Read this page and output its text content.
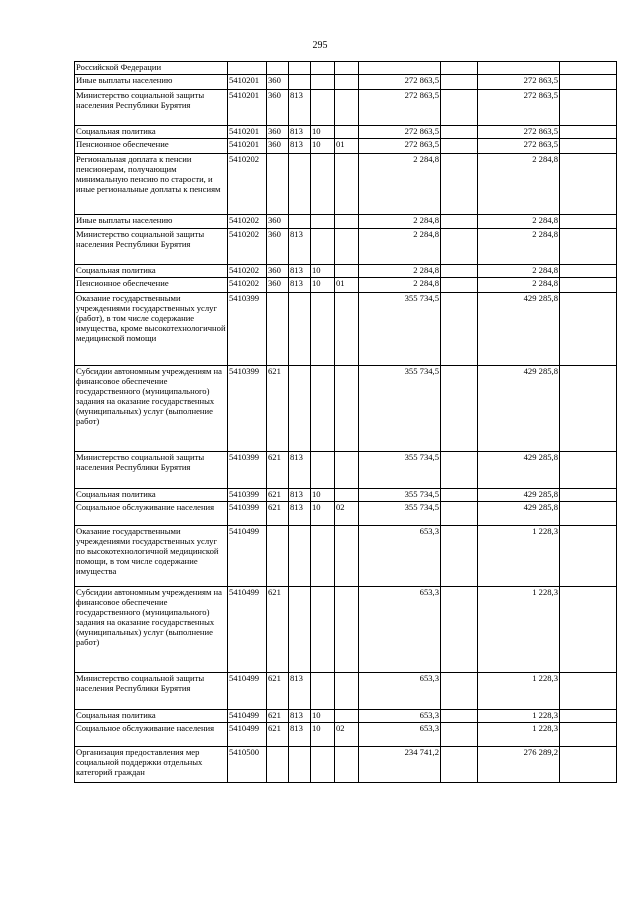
295
Российской Федерации									
Иные выплаты населению	5410201	360				272 863,5		272 863,5	
Министерство социальной защиты населения Республики Бурятия	5410201	360	813			272 863,5		272 863,5	
Социальная политика	5410201	360	813	10		272 863,5		272 863,5	
Пенсионное обеспечение	5410201	360	813	10	01	272 863,5		272 863,5	
Региональная доплата к пенсии пенсионерам, получающим минимальную пенсию по старости, и иные региональные доплаты к пенсиям	5410202					2 284,8		2 284,8	
Иные выплаты населению	5410202	360				2 284,8		2 284,8	
Министерство социальной защиты населения Республики Бурятия	5410202	360	813			2 284,8		2 284,8	
Социальная политика	5410202	360	813	10		2 284,8		2 284,8	
Пенсионное обеспечение	5410202	360	813	10	01	2 284,8		2 284,8	
Оказание государственными учреждениями государственных услуг (работ), в том числе содержание имущества, кроме высокотехнологичной медицинской помощи	5410399					355 734,5		429 285,8	
Субсидии автономным учреждениям на финансовое обеспечение государственного (муниципального) задания на оказание государственных (муниципальных) услуг (выполнение работ)	5410399	621				355 734,5		429 285,8	
Министерство социальной защиты населения Республики Бурятия	5410399	621	813			355 734,5		429 285,8	
Социальная политика	5410399	621	813	10		355 734,5		429 285,8	
Социальное обслуживание населения	5410399	621	813	10	02	355 734,5		429 285,8	
Оказание государственными учреждениями государственных услуг по высокотехнологичной медицинской помощи, в том числе содержание имущества	5410499					653,3		1 228,3	
Субсидии автономным учреждениям на финансовое обеспечение государственного (муниципального) задания на оказание государственных (муниципальных) услуг (выполнение работ)	5410499	621				653,3		1 228,3	
Министерство социальной защиты населения Республики Бурятия	5410499	621	813			653,3		1 228,3	
Социальная политика	5410499	621	813	10		653,3		1 228,3	
Социальное обслуживание населения	5410499	621	813	10	02	653,3		1 228,3	
Организация предоставления мер социальной поддержки отдельных категорий граждан	5410500					234 741,2		276 289,2	
